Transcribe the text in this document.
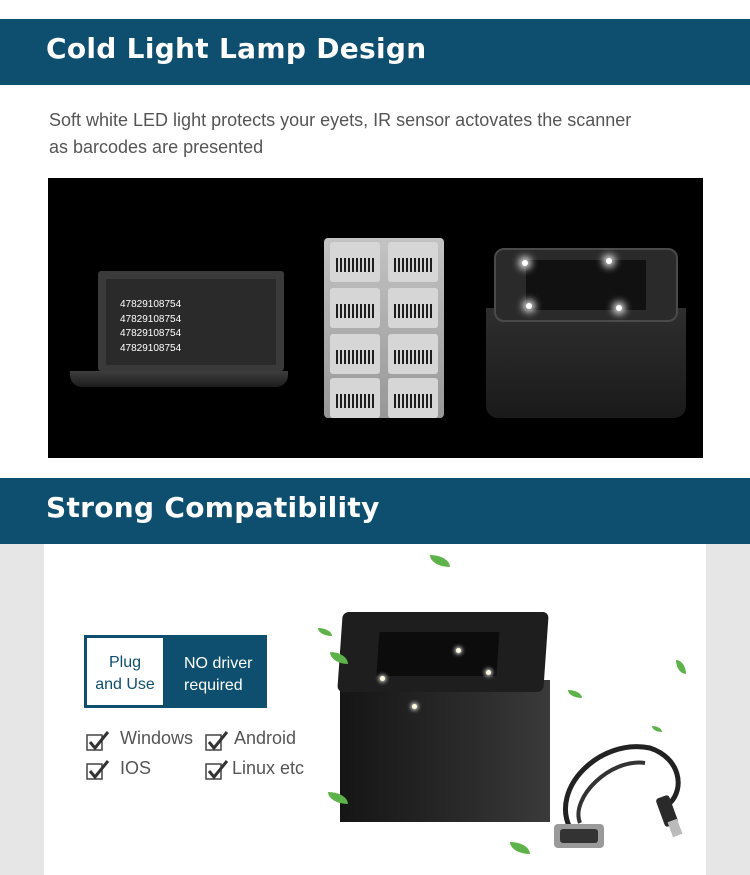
Cold Light Lamp Design
Soft white LED light protects your eyets, IR sensor actovates the scanner as barcodes are presented
47829108754
47829108754
47829108754
47829108754
Strong Compatibility
Plug
and Use
NO driver
required
Windows Android
IOS	Linux etc
